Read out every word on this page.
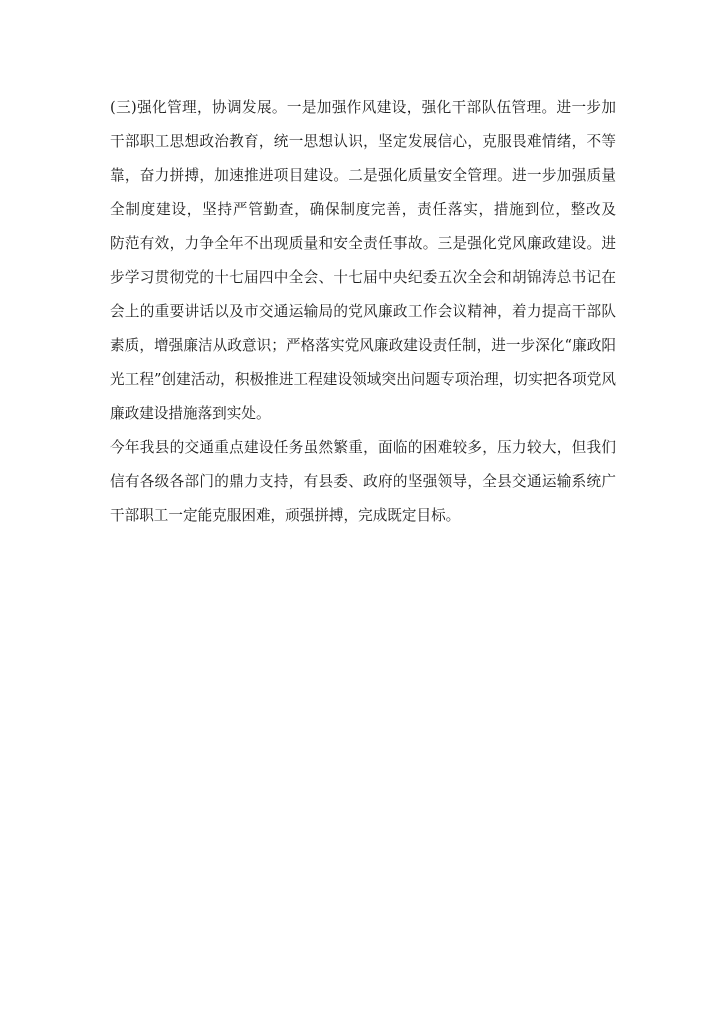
(三)强化管理，协调发展。一是加强作风建设，强化干部队伍管理。进一步加
干部职工思想政治教育，统一思想认识，坚定发展信心，克服畏难情绪，不等
靠，奋力拼搏，加速推进项目建设。二是强化质量安全管理。进一步加强质量
全制度建设，坚持严管勤查，确保制度完善，责任落实，措施到位，整改及
防范有效，力争全年不出现质量和安全责任事故。三是强化党风廉政建设。进
步学习贯彻党的十七届四中全会、十七届中央纪委五次全会和胡锦涛总书记在
会上的重要讲话以及市交通运输局的党风廉政工作会议精神，着力提高干部队
素质，增强廉洁从政意识；严格落实党风廉政建设责任制，进一步深化“廉政阳
光工程”创建活动，积极推进工程建设领域突出问题专项治理，切实把各项党风
廉政建设措施落到实处。
今年我县的交通重点建设任务虽然繁重，面临的困难较多，压力较大，但我们
信有各级各部门的鼎力支持，有县委、政府的坚强领导，全县交通运输系统广
干部职工一定能克服困难，顽强拼搏，完成既定目标。
